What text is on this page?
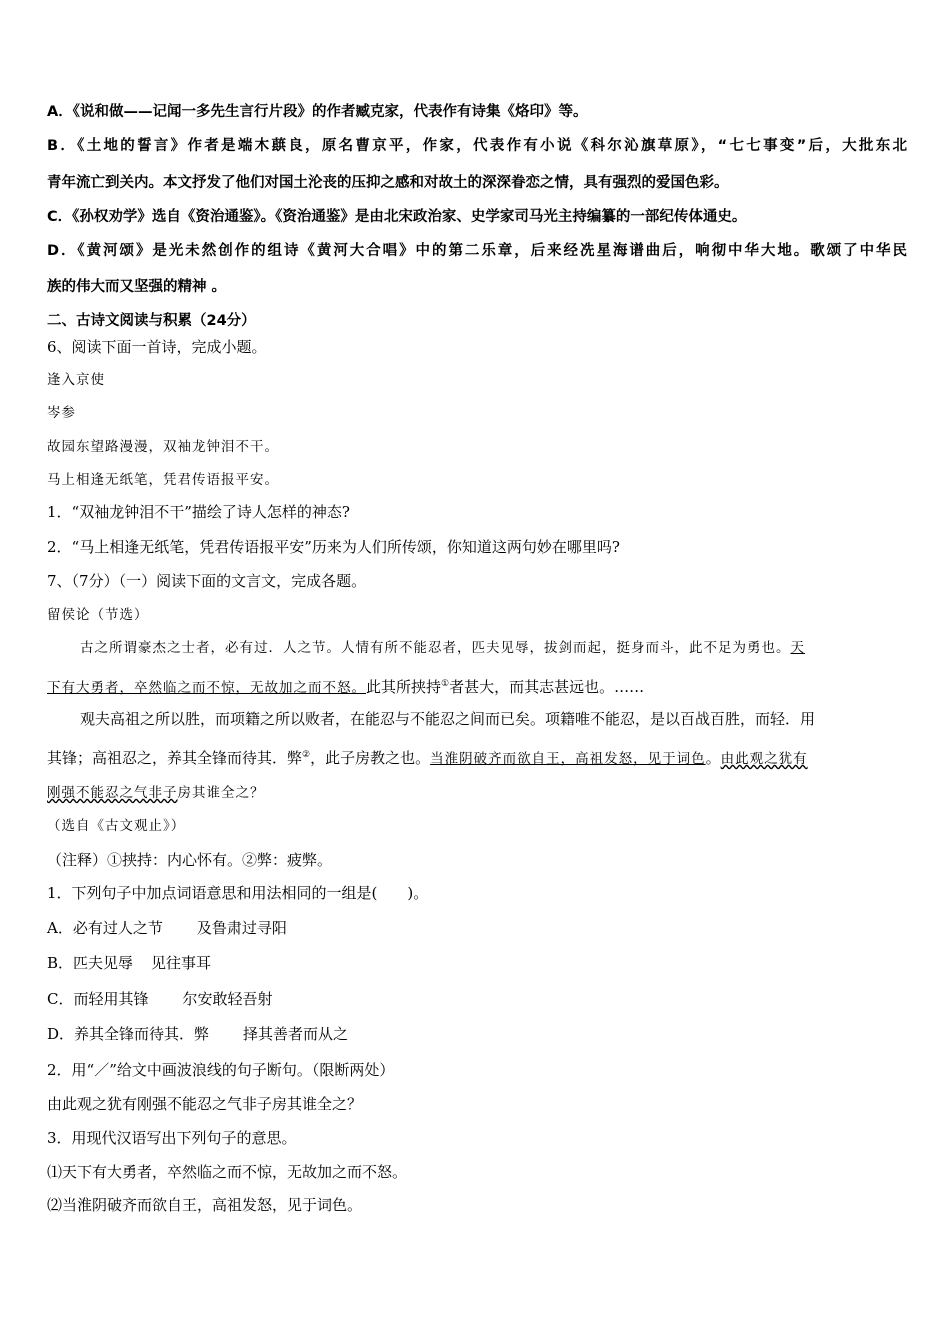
A．《说和做——记闻一多先生言行片段》的作者臧克家，代表作有诗集《烙印》等。
B．《土地的誓言》作者是端木蕻良，原名曹京平，作家，代表作有小说《科尔沁旗草原》，“七七事变”后，大批东北
青年流亡到关内。本文抒发了他们对国土沦丧的压抑之感和对故土的深深眷恋之情，具有强烈的爱国色彩。
C．《孙权劝学》选自《资治通鉴》。《资治通鉴》是由北宋政治家、史学家司马光主持编纂的一部纪传体通史。
D．《黄河颂》是光未然创作的组诗《黄河大合唱》中的第二乐章，后来经冼星海谱曲后，响彻中华大地。歌颂了中华民
族的伟大而又坚强的精神 。
二、古诗文阅读与积累（24分）
6、阅读下面一首诗，完成小题。
逢入京使
岑参
故园东望路漫漫，双袖龙钟泪不干。
马上相逢无纸笔，凭君传语报平安。
1．“双袖龙钟泪不干”描绘了诗人怎样的神态?
2．“马上相逢无纸笔，凭君传语报平安”历来为人们所传颂，你知道这两句妙在哪里吗?
7、（7分）（一）阅读下面的文言文，完成各题。
留侯论（节选）
古之所谓豪杰之士者，必有过．人之节。人情有所不能忍者，匹夫见辱，拔剑而起，挺身而斗，此不足为勇也。天
下有大勇者，卒然临之而不惊，无故加之而不怒。此其所挟持①者甚大，而其志甚远也。……
观夫高祖之所以胜，而项籍之所以败者，在能忍与不能忍之间而已矣。项籍唯不能忍，是以百战百胜，而轻．用
其锋；高祖忍之，养其全锋而待其．弊②，此子房教之也。当淮阴破齐而欲自王，高祖发怒，见于词色。由此观之犹有
刚强不能忍之气非子房其谁全之？
（选自《古文观止》）
（注释）①挟持：内心怀有。②弊：疲弊。
1．下列句子中加点词语意思和用法相同的一组是(　　)。
A．必有过人之节 及鲁肃过寻阳
B．匹夫见辱 见往事耳
C．而轻用其锋 尔安敢轻吾射
D．养其全锋而待其．弊 择其善者而从之
2．用“／”给文中画波浪线的句子断句。（限断两处）
由此观之犹有刚强不能忍之气非子房其谁全之？
3．用现代汉语写出下列句子的意思。
⑴天下有大勇者，卒然临之而不惊，无故加之而不怒。
⑵当淮阴破齐而欲自王，高祖发怒，见于词色。
